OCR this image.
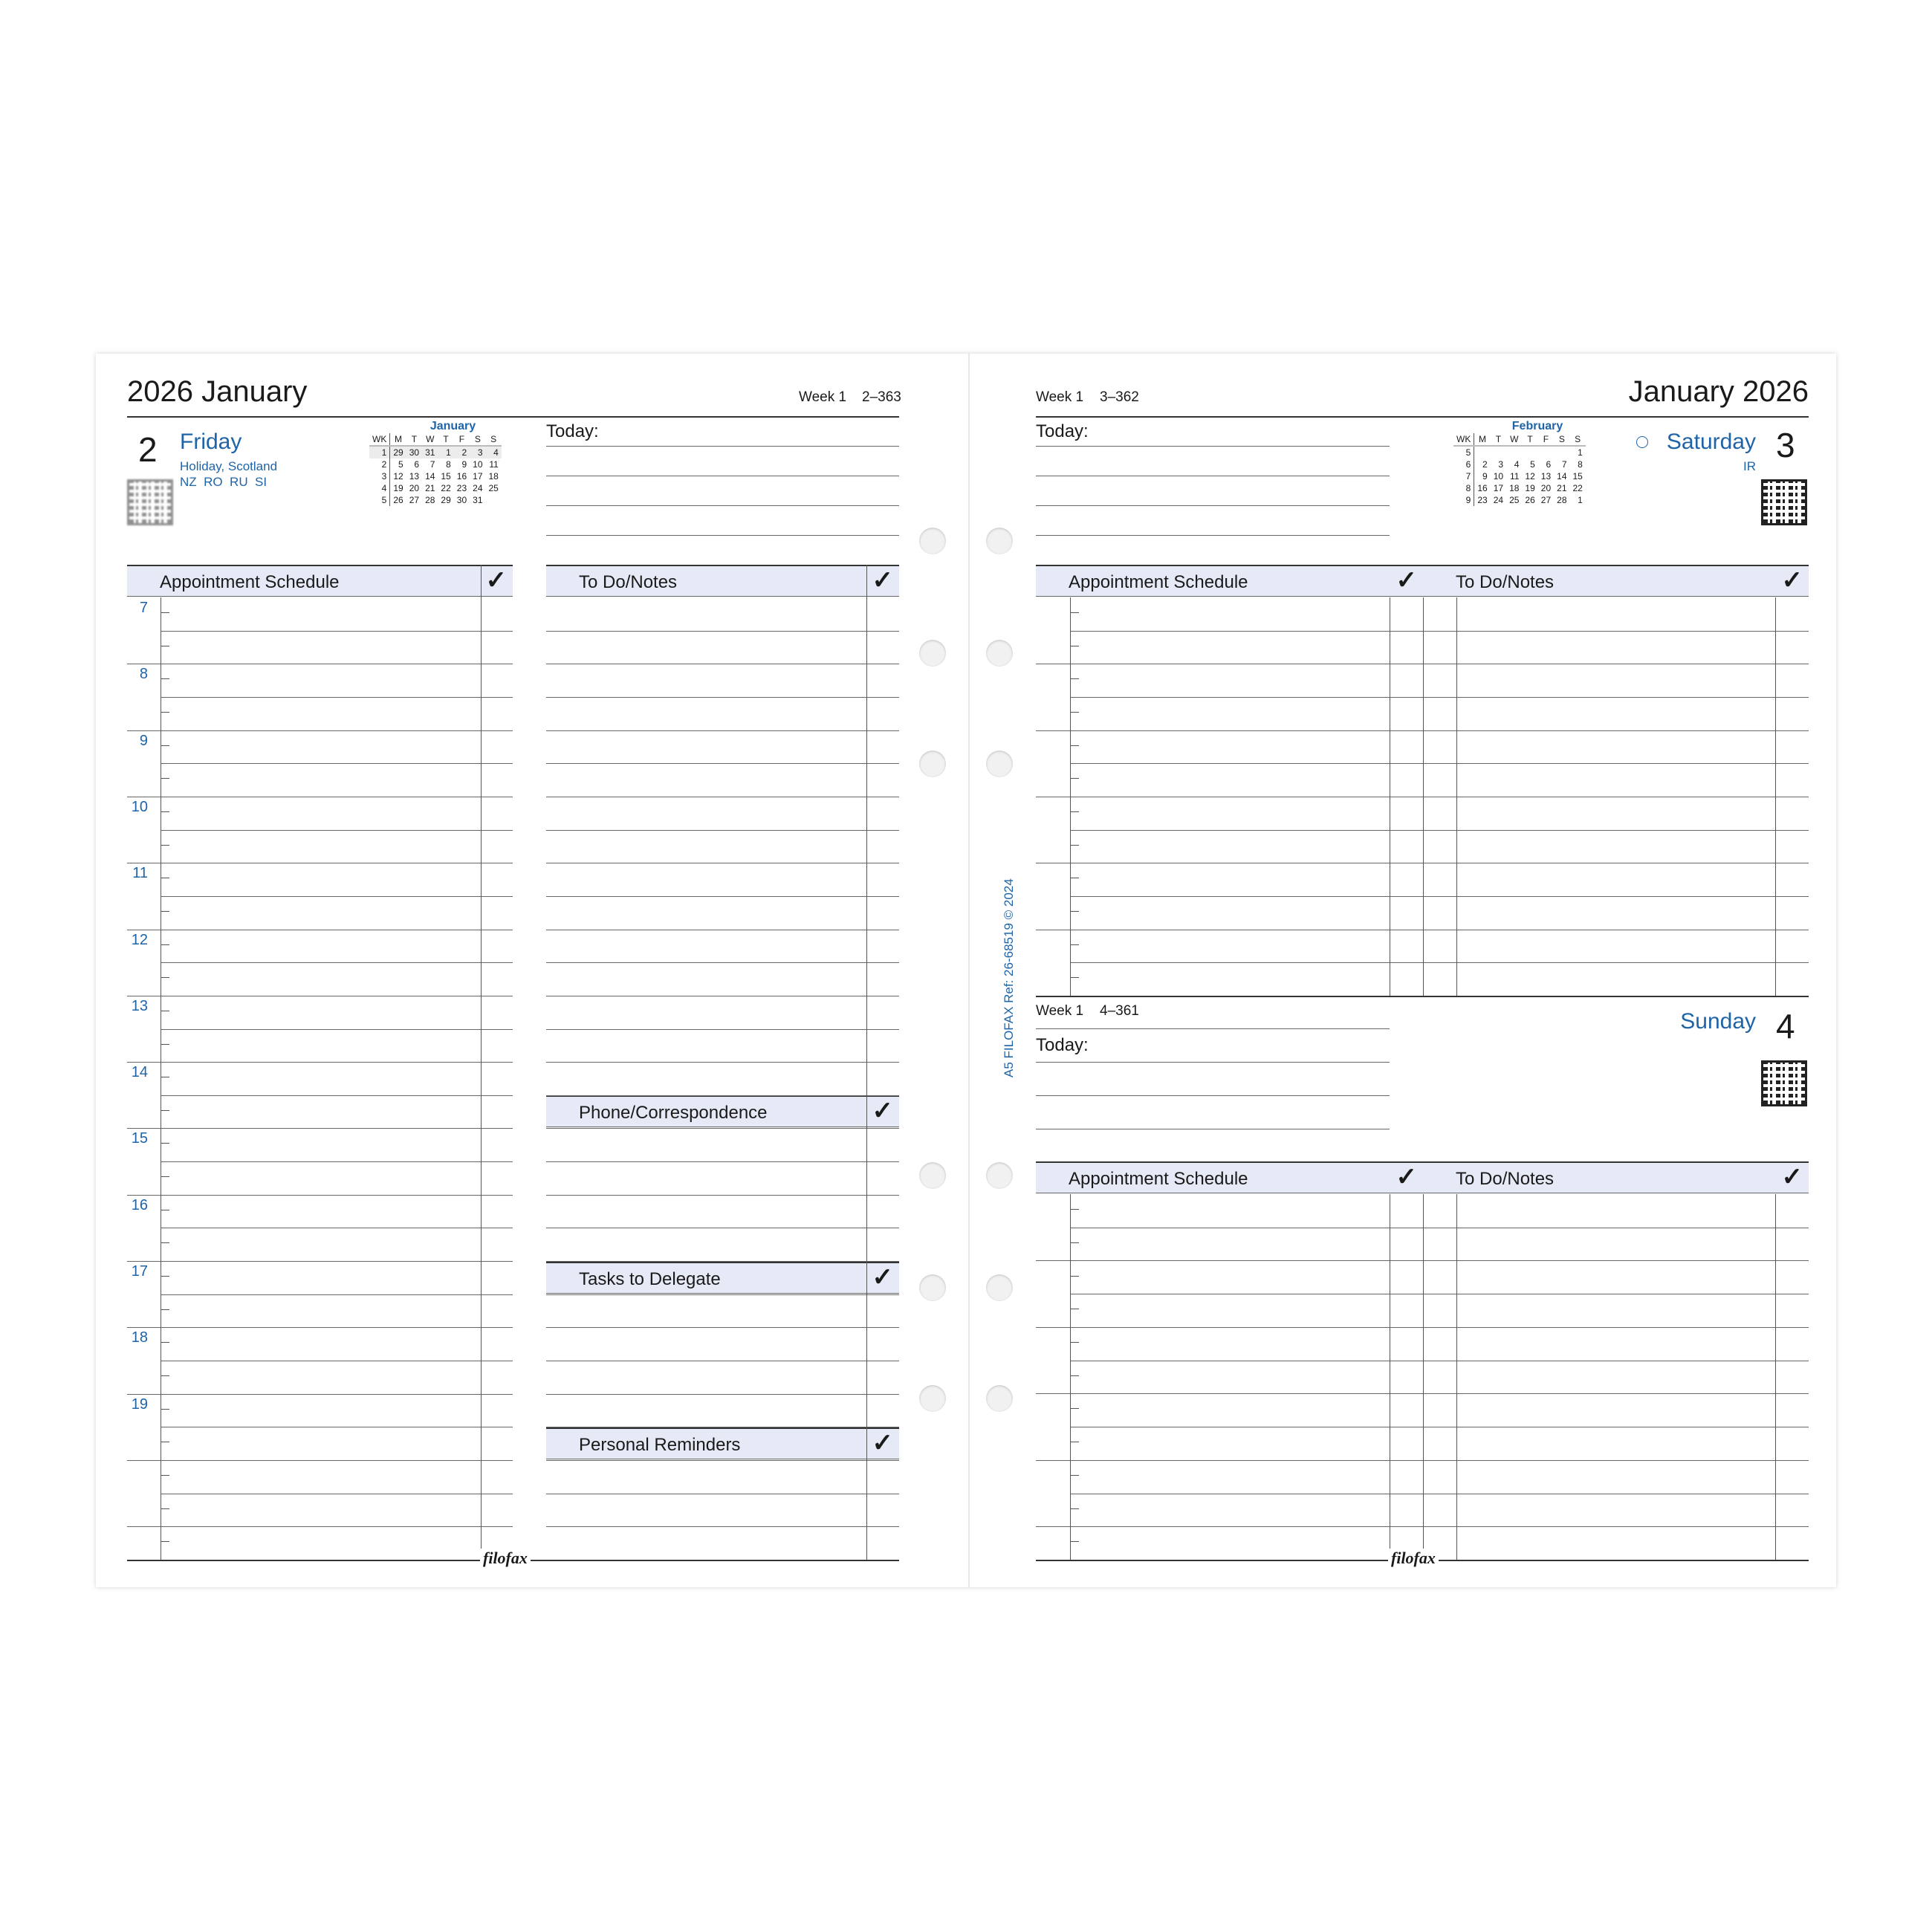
2026 January	Week 1 2–363
2 Friday
Holiday, Scotland
NZ  RO  RU  SI
January
WK	M	T	W	T	F	S	S
1	29	30	31	1	2	3	4
2	5	6	7	8	9	10	11
3	12	13	14	15	16	17	18
4	19	20	21	22	23	24	25
5	26	27	28	29	30	31	
Today:
Appointment Schedule	✓	To Do/Notes	✓
Phone/Correspondence	✓
Tasks to Delegate	✓
Personal Reminders	✓
7
8
9
10
11
12
13
14
15
16
17
18
19
filofax
A5 FILOFAX Ref: 26-68519 © 2024
Week 1 3–362	January 2026
Today:	February
WK	M	T	W	T	F	S	S
5							1
6	2	3	4	5	6	7	8
7	9	10	11	12	13	14	15
8	16	17	18	19	20	21	22
9	23	24	25	26	27	28	1
Saturday 3
IR
Appointment Schedule	✓ To Do/Notes	✓
Week 1 4–361
Today:
Sunday 4
Appointment Schedule	✓ To Do/Notes	✓
filofax
